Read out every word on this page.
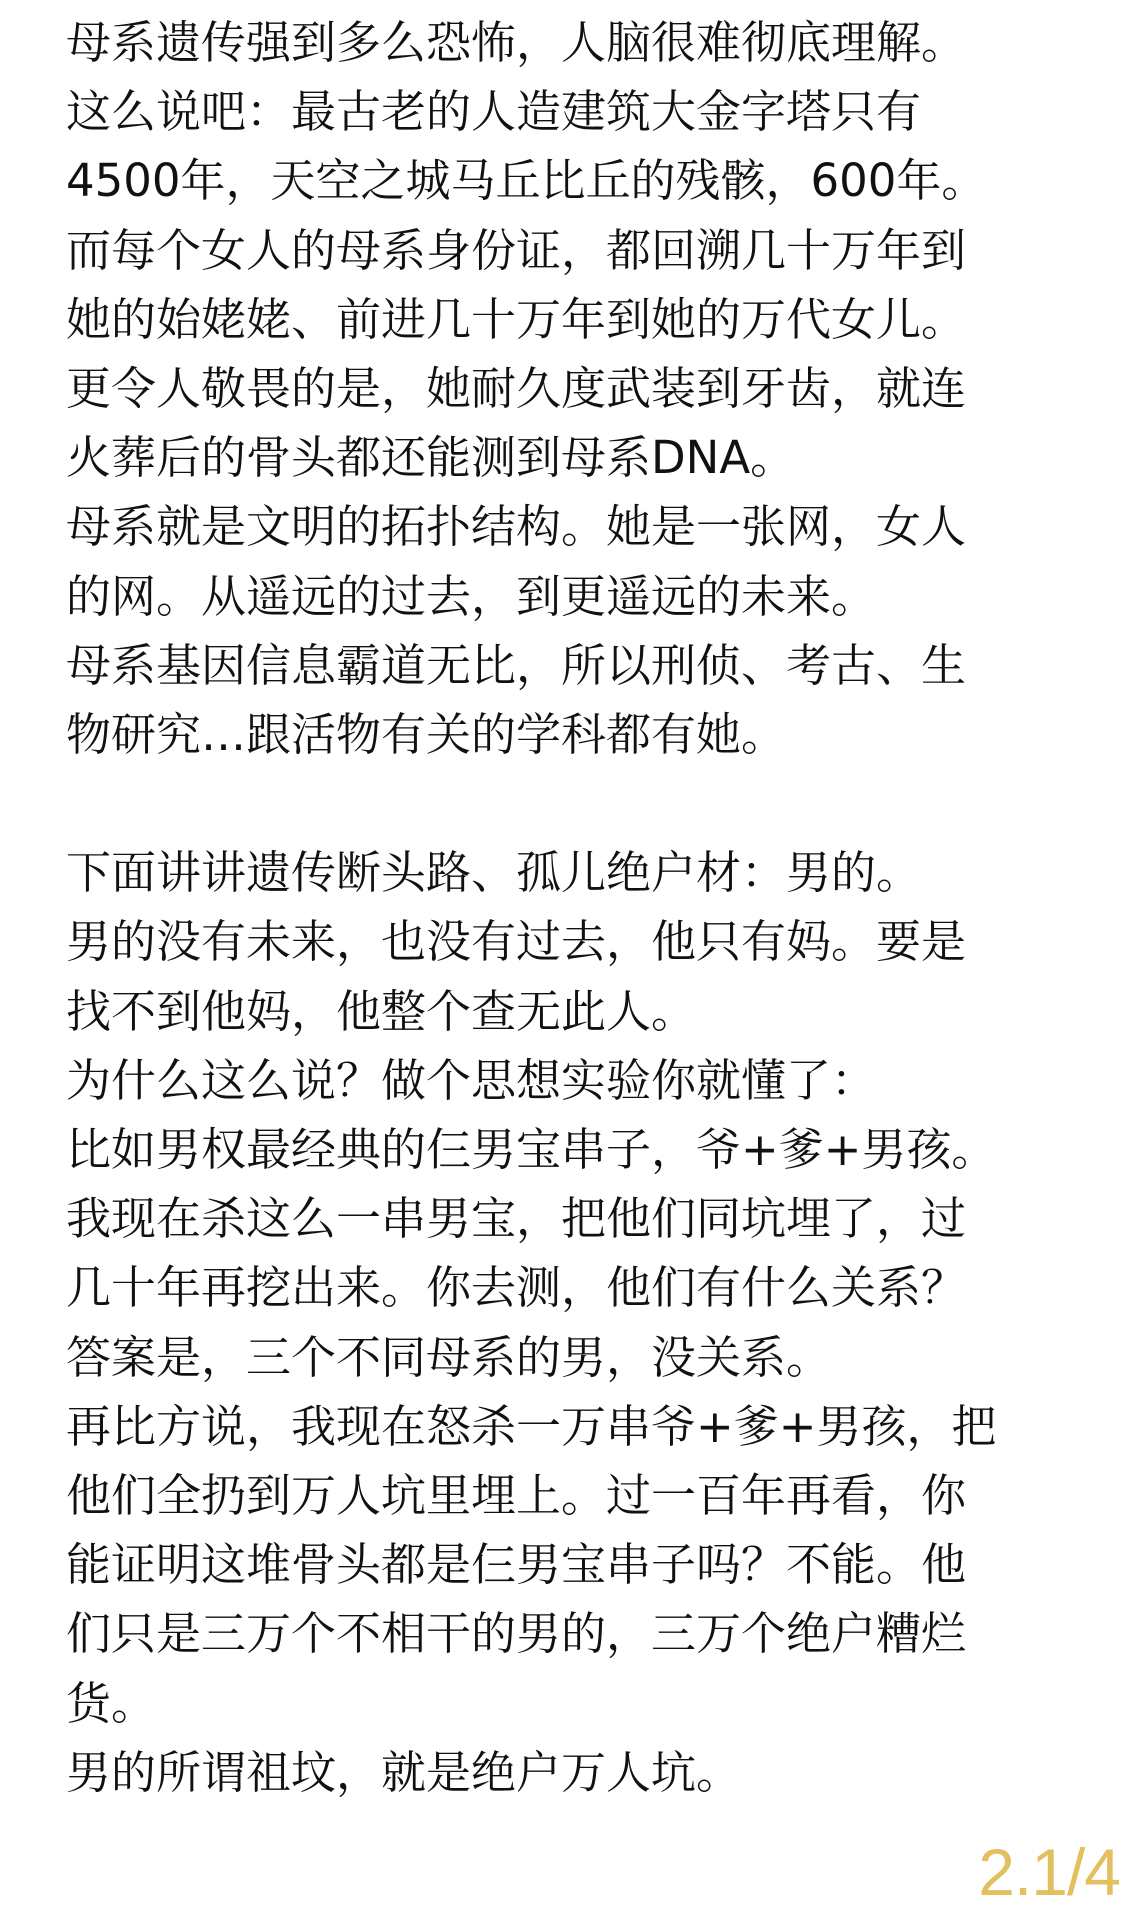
母系遗传强到多么恐怖，人脑很难彻底理解。
这么说吧：最古老的人造建筑大金字塔只有
4500年，天空之城马丘比丘的残骸，600年。
而每个女人的母系身份证，都回溯几十万年到
她的始姥姥、前进几十万年到她的万代女儿。
更令人敬畏的是，她耐久度武装到牙齿，就连
火葬后的骨头都还能测到母系DNA。
母系就是文明的拓扑结构。她是一张网，女人
的网。从遥远的过去，到更遥远的未来。
母系基因信息霸道无比，所以刑侦、考古、生
物研究…跟活物有关的学科都有她。
下面讲讲遗传断头路、孤儿绝户材：男的。
男的没有未来，也没有过去，他只有妈。要是
找不到他妈，他整个查无此人。
为什么这么说？做个思想实验你就懂了：
比如男权最经典的仨男宝串子，爷+爹+男孩。
我现在杀这么一串男宝，把他们同坑埋了，过
几十年再挖出来。你去测，他们有什么关系？
答案是，三个不同母系的男，没关系。
再比方说，我现在怒杀一万串爷+爹+男孩，把
他们全扔到万人坑里埋上。过一百年再看，你
能证明这堆骨头都是仨男宝串子吗？不能。他
们只是三万个不相干的男的，三万个绝户糟烂
货。
男的所谓祖坟，就是绝户万人坑。
2.1/4
